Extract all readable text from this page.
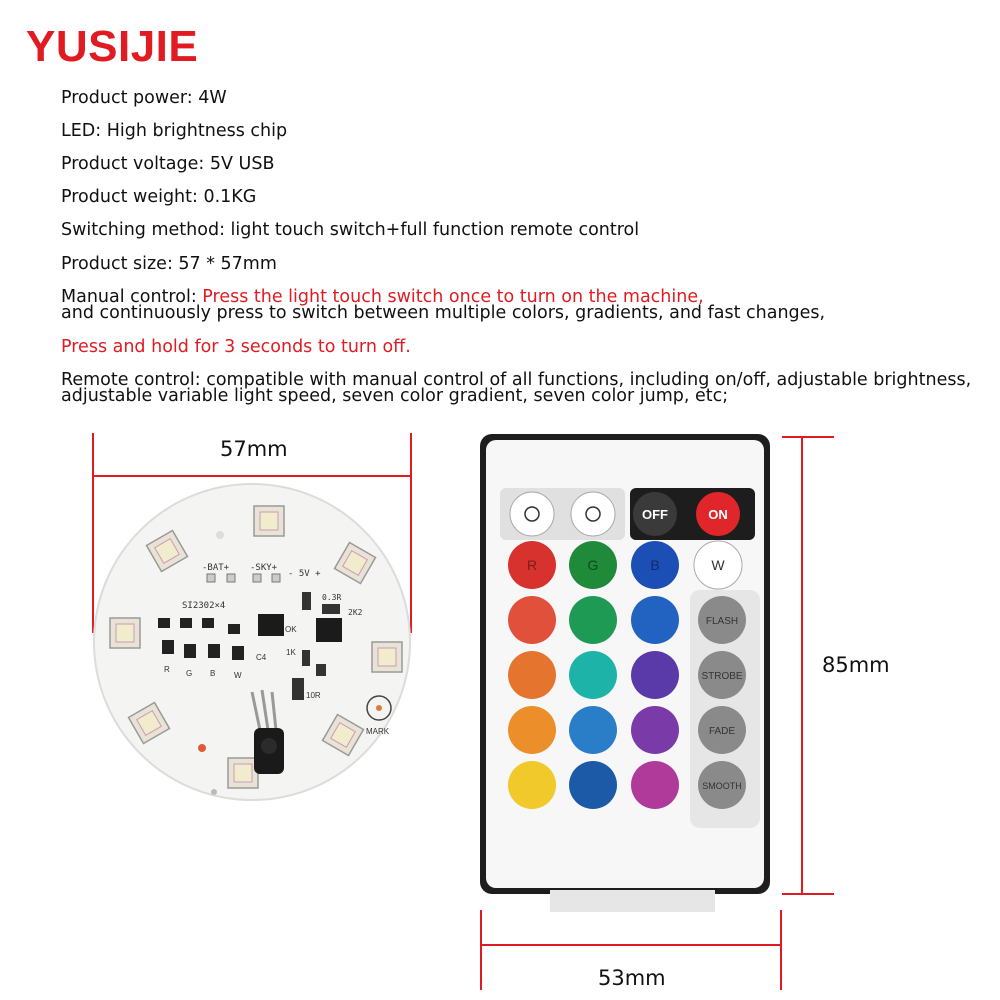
YUSIJIE
Product power: 4W
LED: High brightness chip
Product voltage: 5V USB
Product weight: 0.1KG
Switching method: light touch switch+full function remote control
Product size: 57 * 57mm
Manual control: Press the light touch switch once to turn on the machine,
and continuously press to switch between multiple colors, gradients, and fast changes,
Press and hold for 3 seconds to turn off.
Remote control: compatible with manual control of all functions, including on/off, adjustable brightness,
adjustable variable light speed, seven color gradient, seven color jump, etc;
57mm
-BAT+ -SKY+
- 5V +
SI2302×4
0.3R
2K2
OK
1K
C4
10R
R G B W
MARK
OFF	ON
R	G	B	W
FLASH
STROBE
FADE
SMOOTH
85mm
53mm
